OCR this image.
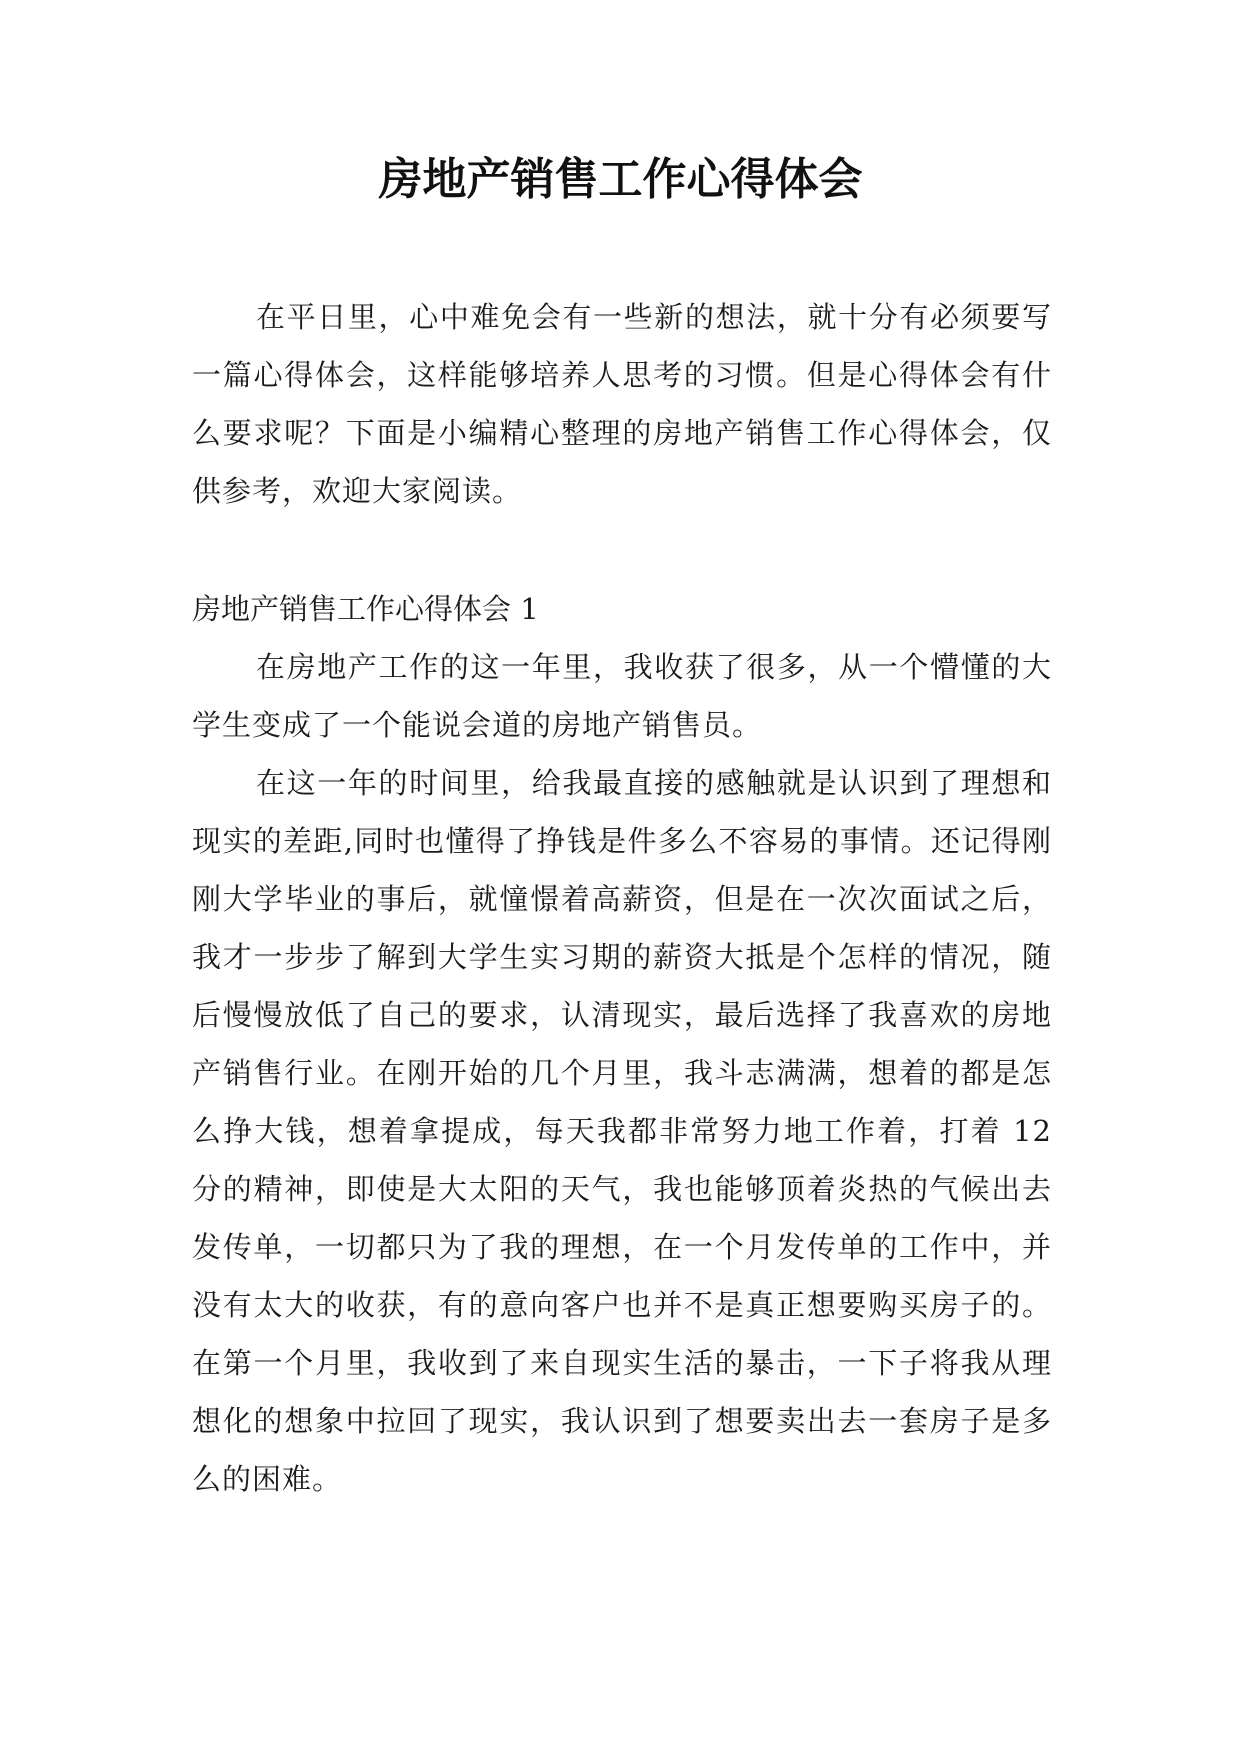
房地产销售工作心得体会

在平日里，心中难免会有一些新的想法，就十分有必须要写一篇心得体会，这样能够培养人思考的习惯。但是心得体会有什么要求呢？下面是小编精心整理的房地产销售工作心得体会，仅供参考，欢迎大家阅读。

房地产销售工作心得体会 1

在房地产工作的这一年里，我收获了很多，从一个懵懂的大学生变成了一个能说会道的房地产销售员。

在这一年的时间里，给我最直接的感触就是认识到了理想和现实的差距,同时也懂得了挣钱是件多么不容易的事情。还记得刚刚大学毕业的事后，就憧憬着高薪资，但是在一次次面试之后，我才一步步了解到大学生实习期的薪资大抵是个怎样的情况，随后慢慢放低了自己的要求，认清现实，最后选择了我喜欢的房地产销售行业。在刚开始的几个月里，我斗志满满，想着的都是怎么挣大钱，想着拿提成，每天我都非常努力地工作着，打着 12 分的精神，即使是大太阳的天气，我也能够顶着炎热的气候出去发传单，一切都只为了我的理想，在一个月发传单的工作中，并没有太大的收获，有的意向客户也并不是真正想要购买房子的。在第一个月里，我收到了来自现实生活的暴击，一下子将我从理想化的想象中拉回了现实，我认识到了想要卖出去一套房子是多么的困难。
